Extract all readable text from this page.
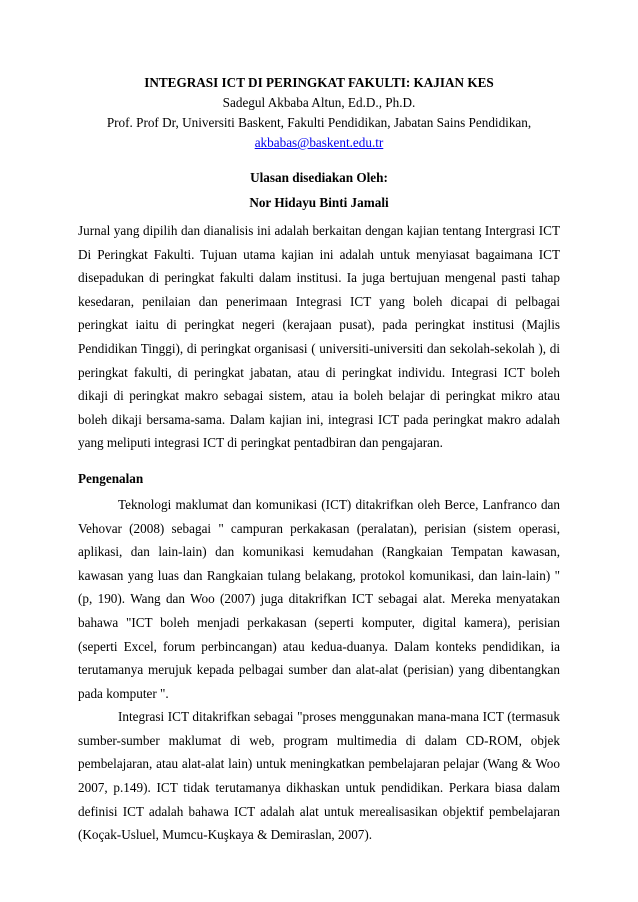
INTEGRASI ICT DI PERINGKAT FAKULTI: KAJIAN KES

Sadegul Akbaba Altun, Ed.D., Ph.D.

Prof. Prof Dr, Universiti Baskent, Fakulti Pendidikan, Jabatan Sains Pendidikan,

akbabas@baskent.edu.tr

Ulasan disediakan Oleh:

Nor Hidayu Binti Jamali

Jurnal yang dipilih dan dianalisis ini adalah berkaitan dengan kajian tentang Intergrasi ICT Di Peringkat Fakulti. Tujuan utama kajian ini adalah untuk menyiasat bagaimana ICT disepadukan di peringkat fakulti dalam institusi. Ia juga bertujuan mengenal pasti tahap kesedaran, penilaian dan penerimaan Integrasi ICT yang boleh dicapai di pelbagai peringkat iaitu di peringkat negeri (kerajaan pusat), pada peringkat institusi (Majlis Pendidikan Tinggi), di peringkat organisasi ( universiti-universiti dan sekolah-sekolah ), di peringkat fakulti, di peringkat jabatan, atau di peringkat individu. Integrasi ICT boleh dikaji di peringkat makro sebagai sistem, atau ia boleh belajar di peringkat mikro atau boleh dikaji bersama-sama. Dalam kajian ini, integrasi ICT pada peringkat makro adalah yang meliputi integrasi ICT di peringkat pentadbiran dan pengajaran.

Pengenalan

Teknologi maklumat dan komunikasi (ICT) ditakrifkan oleh Berce, Lanfranco dan Vehovar (2008) sebagai " campuran perkakasan (peralatan), perisian (sistem operasi, aplikasi, dan lain-lain) dan komunikasi kemudahan (Rangkaian Tempatan kawasan, kawasan yang luas dan Rangkaian tulang belakang, protokol komunikasi, dan lain-lain) "(p, 190). Wang dan Woo (2007) juga ditakrifkan ICT sebagai alat. Mereka menyatakan bahawa "ICT boleh menjadi perkakasan (seperti komputer, digital kamera), perisian (seperti Excel, forum perbincangan) atau kedua-duanya. Dalam konteks pendidikan, ia terutamanya merujuk kepada pelbagai sumber dan alat-alat (perisian) yang dibentangkan pada komputer ".

Integrasi ICT ditakrifkan sebagai "proses menggunakan mana-mana ICT (termasuk sumber-sumber maklumat di web, program multimedia di dalam CD-ROM, objek pembelajaran, atau alat-alat lain) untuk meningkatkan pembelajaran pelajar (Wang & Woo 2007, p.149). ICT tidak terutamanya dikhaskan untuk pendidikan. Perkara biasa dalam definisi ICT adalah bahawa ICT adalah alat untuk merealisasikan objektif pembelajaran (Koçak-Usluel, Mumcu-Kuşkaya & Demiraslan, 2007).
